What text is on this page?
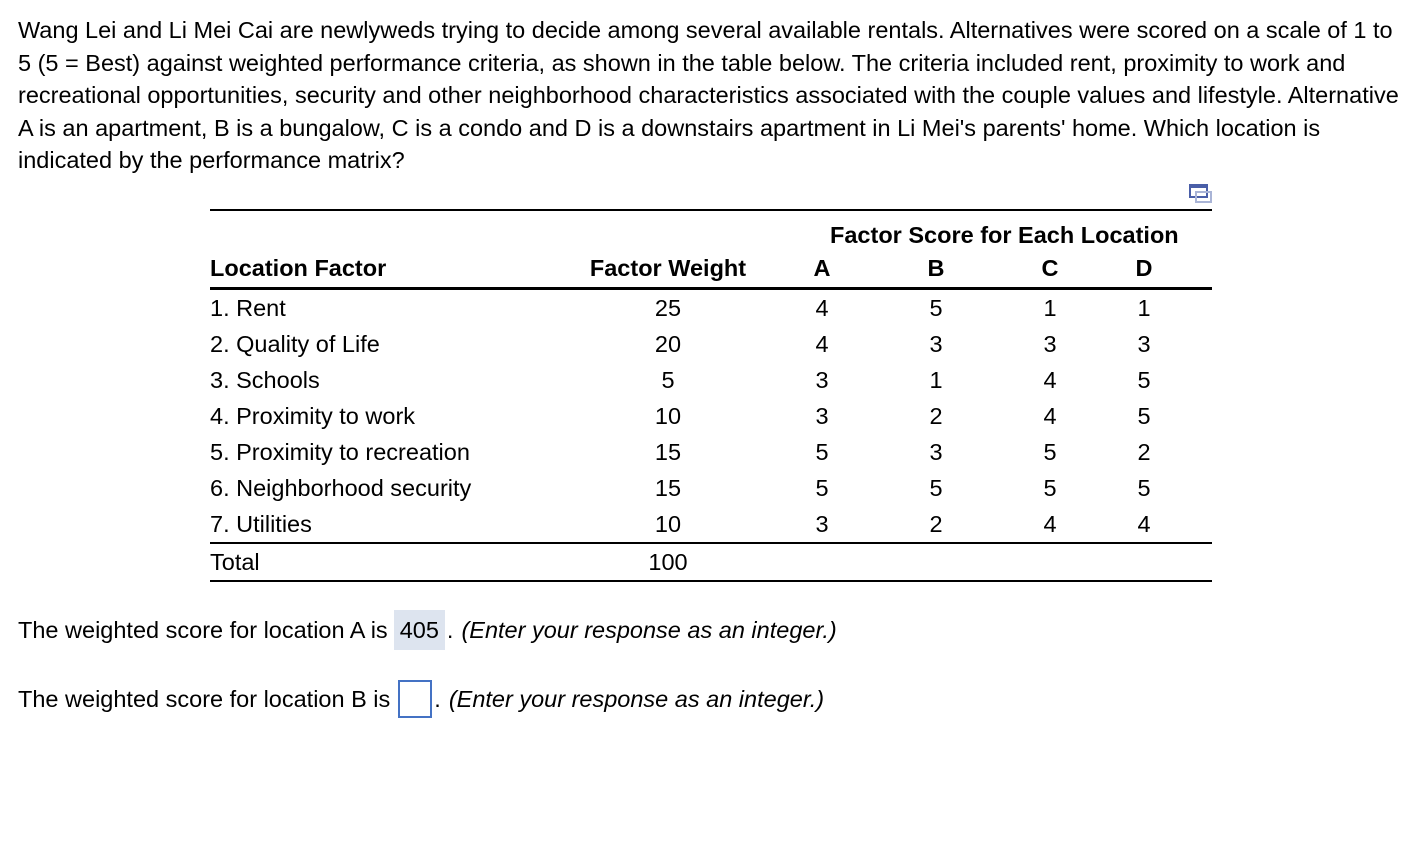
Wang Lei and Li Mei Cai are newlyweds trying to decide among several available rentals. Alternatives were scored on a scale of 1 to 5 (5 = Best) against weighted performance criteria, as shown in the table below. The criteria included rent, proximity to work and recreational opportunities, security and other neighborhood characteristics associated with the couple values and lifestyle. Alternative A is an apartment, B is a bungalow, C is a condo and D is a downstairs apartment in Li Mei's parents' home. Which location is indicated by the performance matrix?

		Factor Score for Each Location			
Location Factor	Factor Weight	A	B	C	D
1. Rent	25	4	5	1	1
2. Quality of Life	20	4	3	3	3
3. Schools	5	3	1	4	5
4. Proximity to work	10	3	2	4	5
5. Proximity to recreation	15	5	3	5	2
6. Neighborhood security	15	5	5	5	5
7. Utilities	10	3	2	4	4
Total	100				
The weighted score for location A is 405 . (Enter your response as an integer.)
The weighted score for location B is . (Enter your response as an integer.)
